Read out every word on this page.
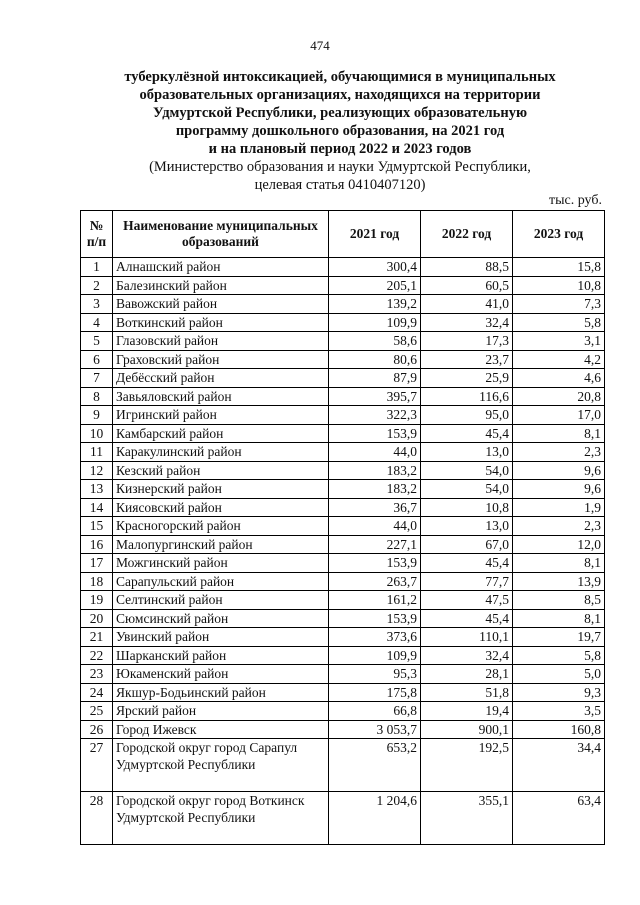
474
туберкулёзной интоксикацией, обучающимися в муниципальных
образовательных организациях, находящихся на территории
Удмуртской Республики, реализующих образовательную
программу дошкольного образования, на 2021 год
и на плановый период 2022 и 2023 годов
(Министерство образования и науки Удмуртской Республики,
целевая статья 0410407120)
тыс. руб.
№ п/п	Наименование муниципальных образований	2021 год	2022 год	2023 год
1	Алнашский район	300,4	88,5	15,8
2	Балезинский район	205,1	60,5	10,8
3	Вавожский район	139,2	41,0	7,3
4	Воткинский район	109,9	32,4	5,8
5	Глазовский район	58,6	17,3	3,1
6	Граховский район	80,6	23,7	4,2
7	Дебёсский район	87,9	25,9	4,6
8	Завьяловский район	395,7	116,6	20,8
9	Игринский район	322,3	95,0	17,0
10	Камбарский район	153,9	45,4	8,1
11	Каракулинский район	44,0	13,0	2,3
12	Кезский район	183,2	54,0	9,6
13	Кизнерский район	183,2	54,0	9,6
14	Киясовский район	36,7	10,8	1,9
15	Красногорский район	44,0	13,0	2,3
16	Малопургинский район	227,1	67,0	12,0
17	Можгинский район	153,9	45,4	8,1
18	Сарапульский район	263,7	77,7	13,9
19	Селтинский район	161,2	47,5	8,5
20	Сюмсинский район	153,9	45,4	8,1
21	Увинский район	373,6	110,1	19,7
22	Шарканский район	109,9	32,4	5,8
23	Юкаменский район	95,3	28,1	5,0
24	Якшур-Бодьинский район	175,8	51,8	9,3
25	Ярский район	66,8	19,4	3,5
26	Город Ижевск	3 053,7	900,1	160,8
27	Городской округ город Сарапул Удмуртской Республики	653,2	192,5	34,4
28	Городской округ город Воткинск Удмуртской Республики	1 204,6	355,1	63,4
